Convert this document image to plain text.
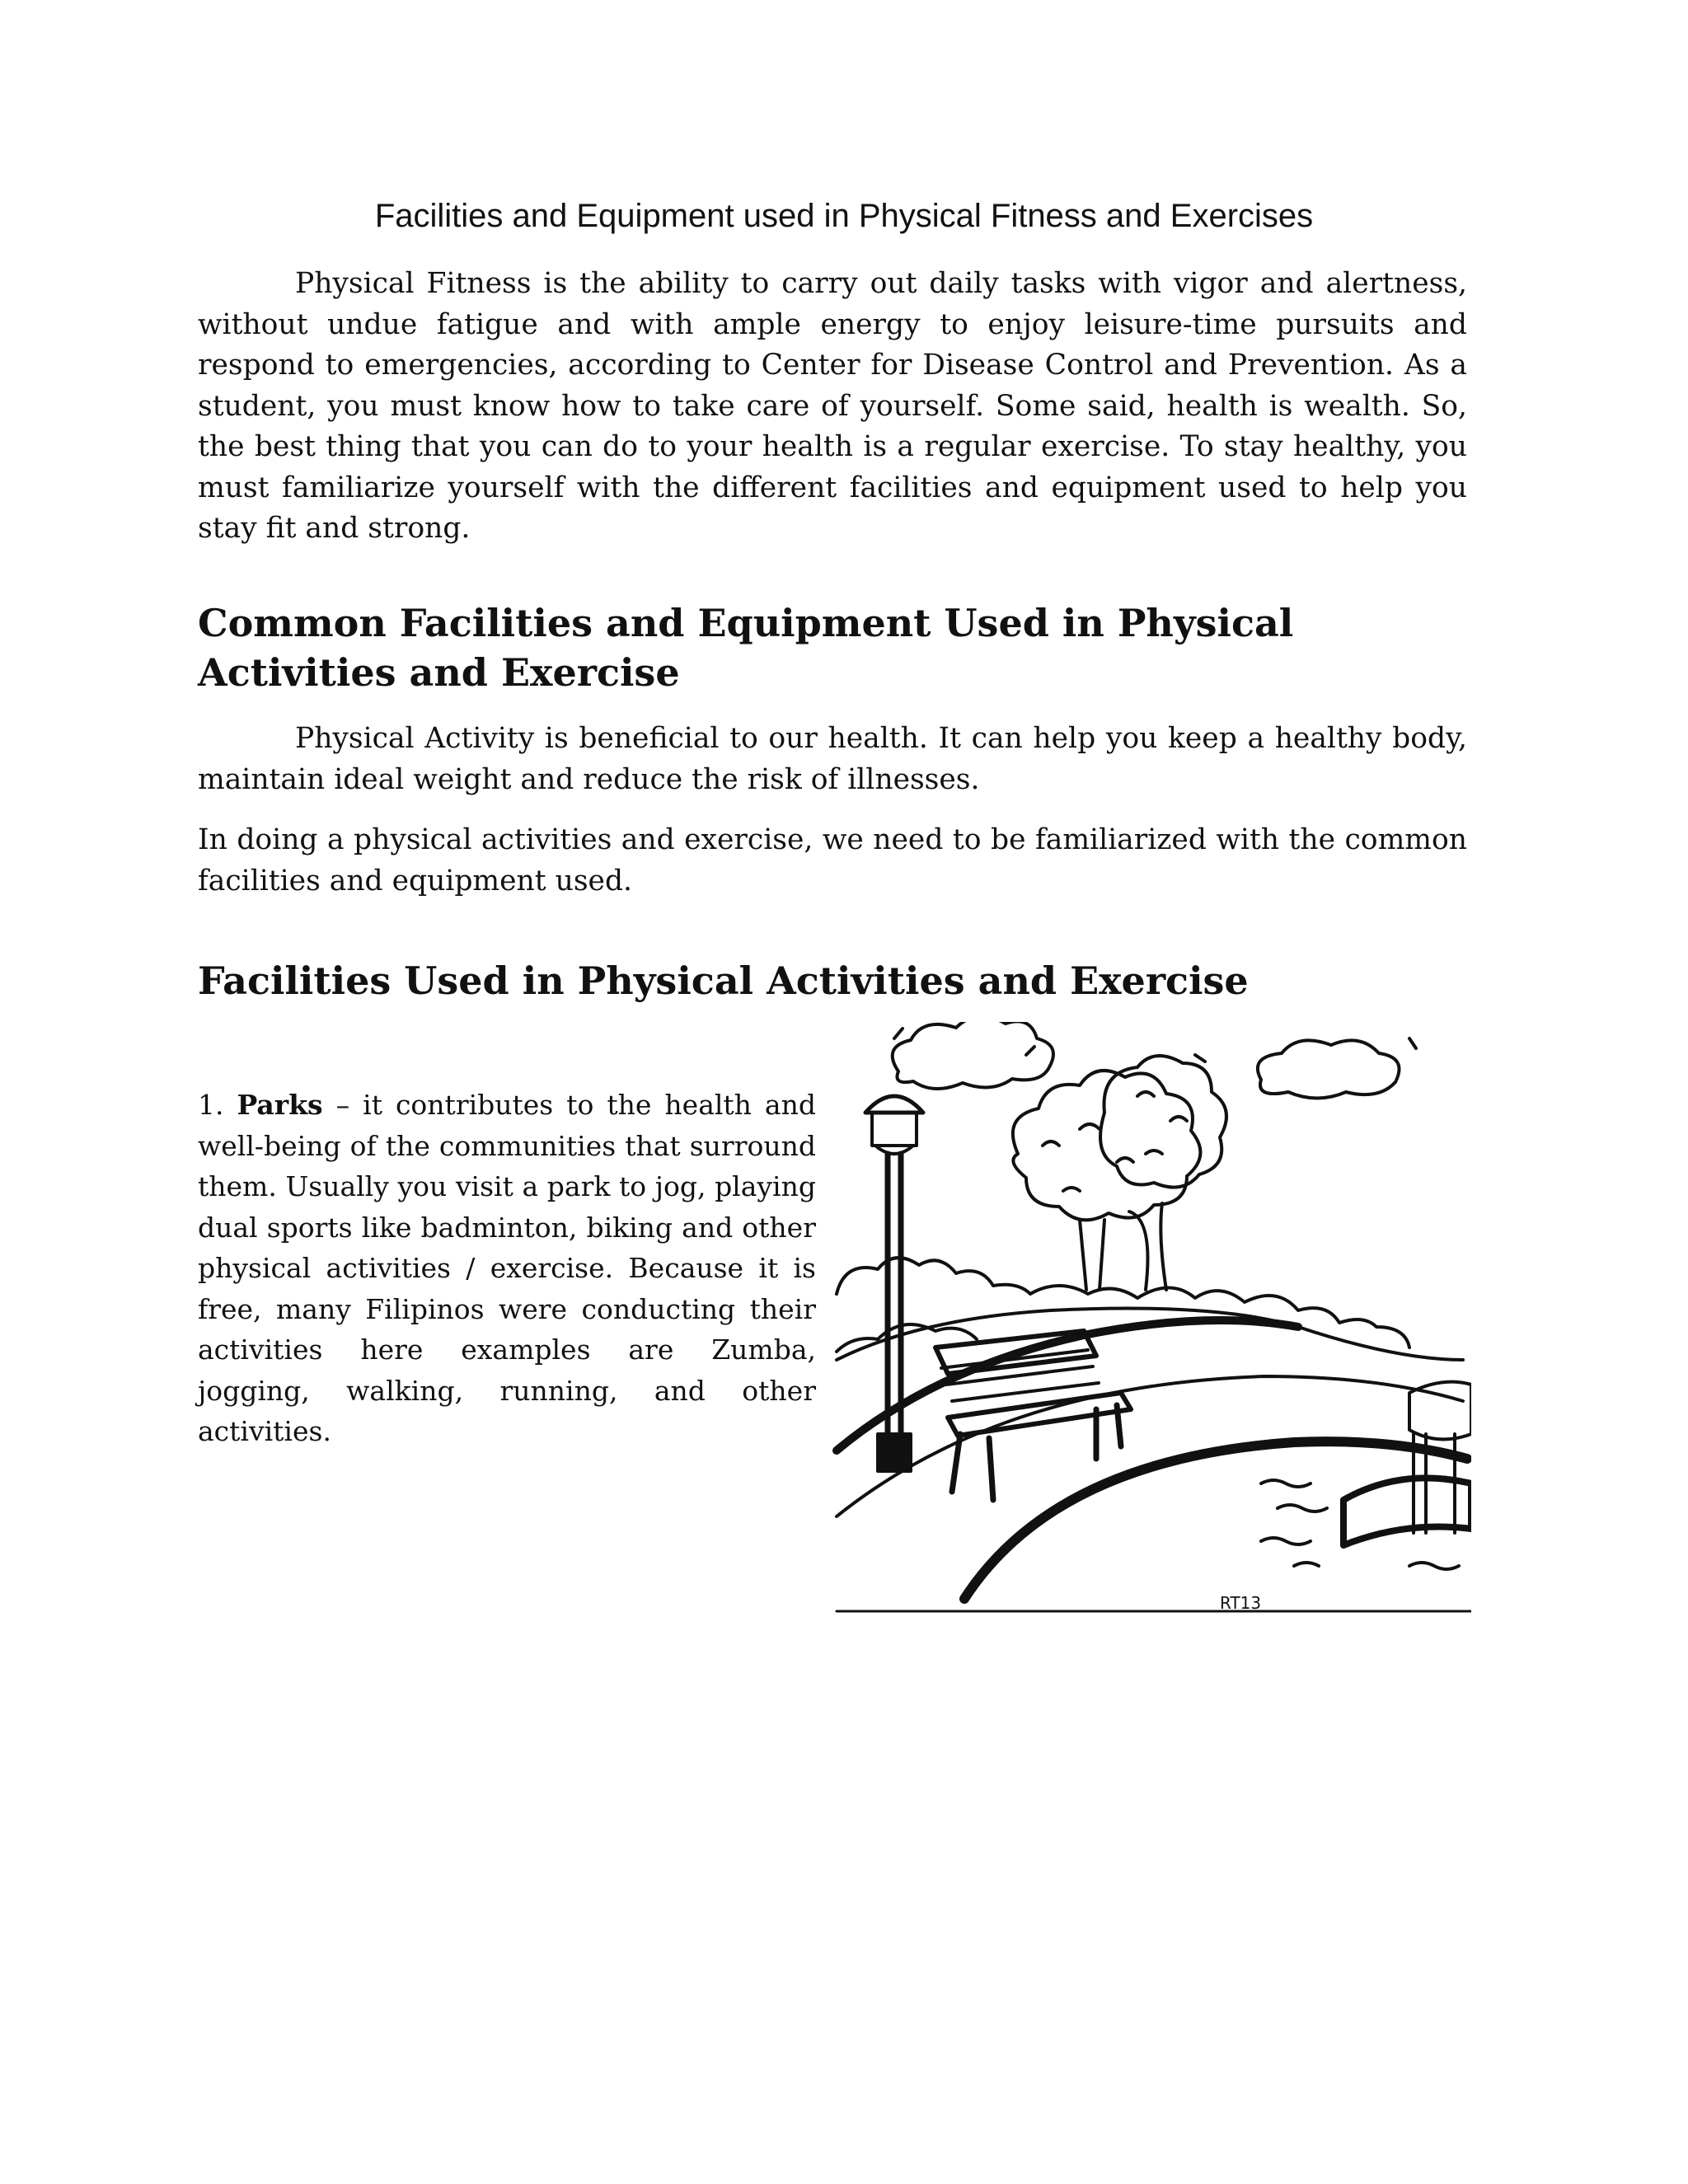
Facilities and Equipment used in Physical Fitness and Exercises

Physical Fitness is the ability to carry out daily tasks with vigor and alertness, without undue fatigue and with ample energy to enjoy leisure-time pursuits and respond to emergencies, according to Center for Disease Control and Prevention. As a student, you must know how to take care of yourself. Some said, health is wealth. So, the best thing that you can do to your health is a regular exercise. To stay healthy, you must familiarize yourself with the different facilities and equipment used to help you stay fit and strong.

Common Facilities and Equipment Used in Physical Activities and Exercise

Physical Activity is beneficial to our health. It can help you keep a healthy body, maintain ideal weight and reduce the risk of illnesses.

In doing a physical activities and exercise, we need to be familiarized with the common facilities and equipment used.

Facilities Used in Physical Activities and Exercise

1. Parks – it contributes to the health and well-being of the communities that surround them. Usually you visit a park to jog, playing dual sports like badminton, biking and other physical activities / exercise. Because it is free, many Filipinos were conducting their activities here examples are Zumba, jogging, walking, running, and other activities.

RT13
